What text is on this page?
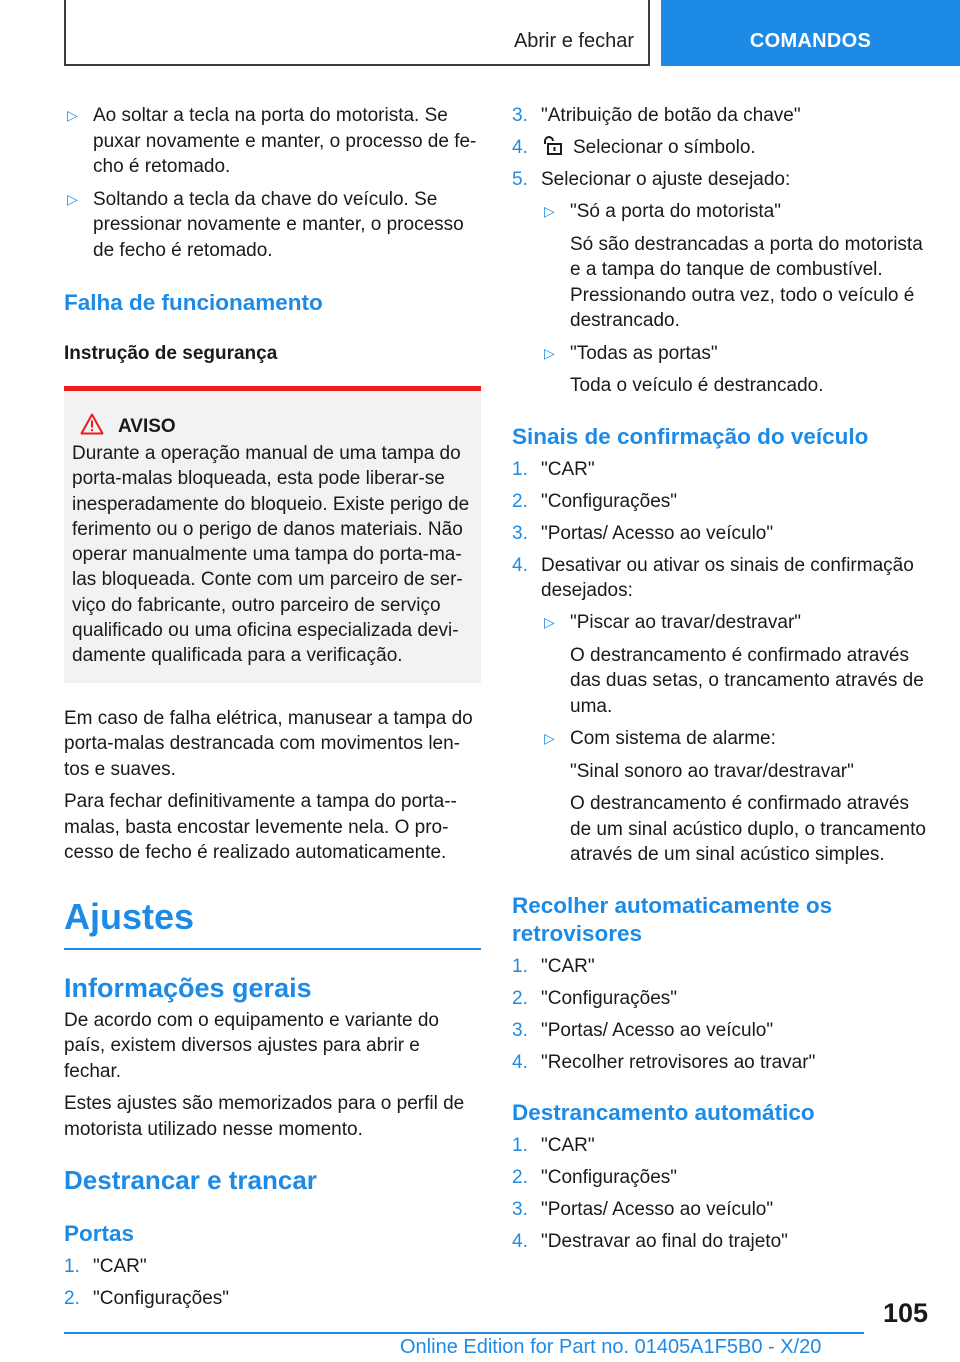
Abrir e fechar	COMANDOS
▷ Ao soltar a tecla na porta do motorista. Se puxar novamente e manter, o processo de fe-cho é retomado.
▷ Soltando a tecla da chave do veículo. Se pressionar novamente e manter, o processo de fecho é retomado.
Falha de funcionamento
Instrução de segurança
AVISO

Durante a operação manual de uma tampa do porta-malas bloqueada, esta pode liberar-se inesperadamente do bloqueio. Existe perigo de ferimento ou o perigo de danos materiais. Não operar manualmente uma tampa do porta-ma-las bloqueada. Conte com um parceiro de ser-viço do fabricante, outro parceiro de serviço qualificado ou uma oficina especializada devi-damente qualificada para a verificação.

Em caso de falha elétrica, manusear a tampa do porta-malas destrancada com movimentos len-tos e suaves.

Para fechar definitivamente a tampa do porta--malas, basta encostar levemente nela. O pro-cesso de fecho é realizado automaticamente.

Ajustes
Informações gerais

De acordo com o equipamento e variante do país, existem diversos ajustes para abrir e fechar.

Estes ajustes são memorizados para o perfil de motorista utilizado nesse momento.

Destrancar e trancar
Portas
1. "CAR"
2. "Configurações"
3. "Atribuição de botão da chave"
4. Selecionar o símbolo.
5. Selecionar o ajuste desejado:
▷ "Só a porta do motorista"
Só são destrancadas a porta do motorista e a tampa do tanque de combustível. Pressionando outra vez, todo o veículo é destrancado.
▷ "Todas as portas"
Toda o veículo é destrancado.
Sinais de confirmação do veículo
1. "CAR"
2. "Configurações"
3. "Portas/ Acesso ao veículo"
4. Desativar ou ativar os sinais de confirmação desejados:
▷ "Piscar ao travar/destravar"
O destrancamento é confirmado através das duas setas, o trancamento através de uma.
▷ Com sistema de alarme:
"Sinal sonoro ao travar/destravar"
O destrancamento é confirmado através de um sinal acústico duplo, o trancamento através de um sinal acústico simples.
Recolher automaticamente os retrovisores
1. "CAR"
2. "Configurações"
3. "Portas/ Acesso ao veículo"
4. "Recolher retrovisores ao travar"
Destrancamento automático
1. "CAR"
2. "Configurações"
3. "Portas/ Acesso ao veículo"
4. "Destravar ao final do trajeto"
105
Online Edition for Part no. 01405A1F5B0 - X/20
